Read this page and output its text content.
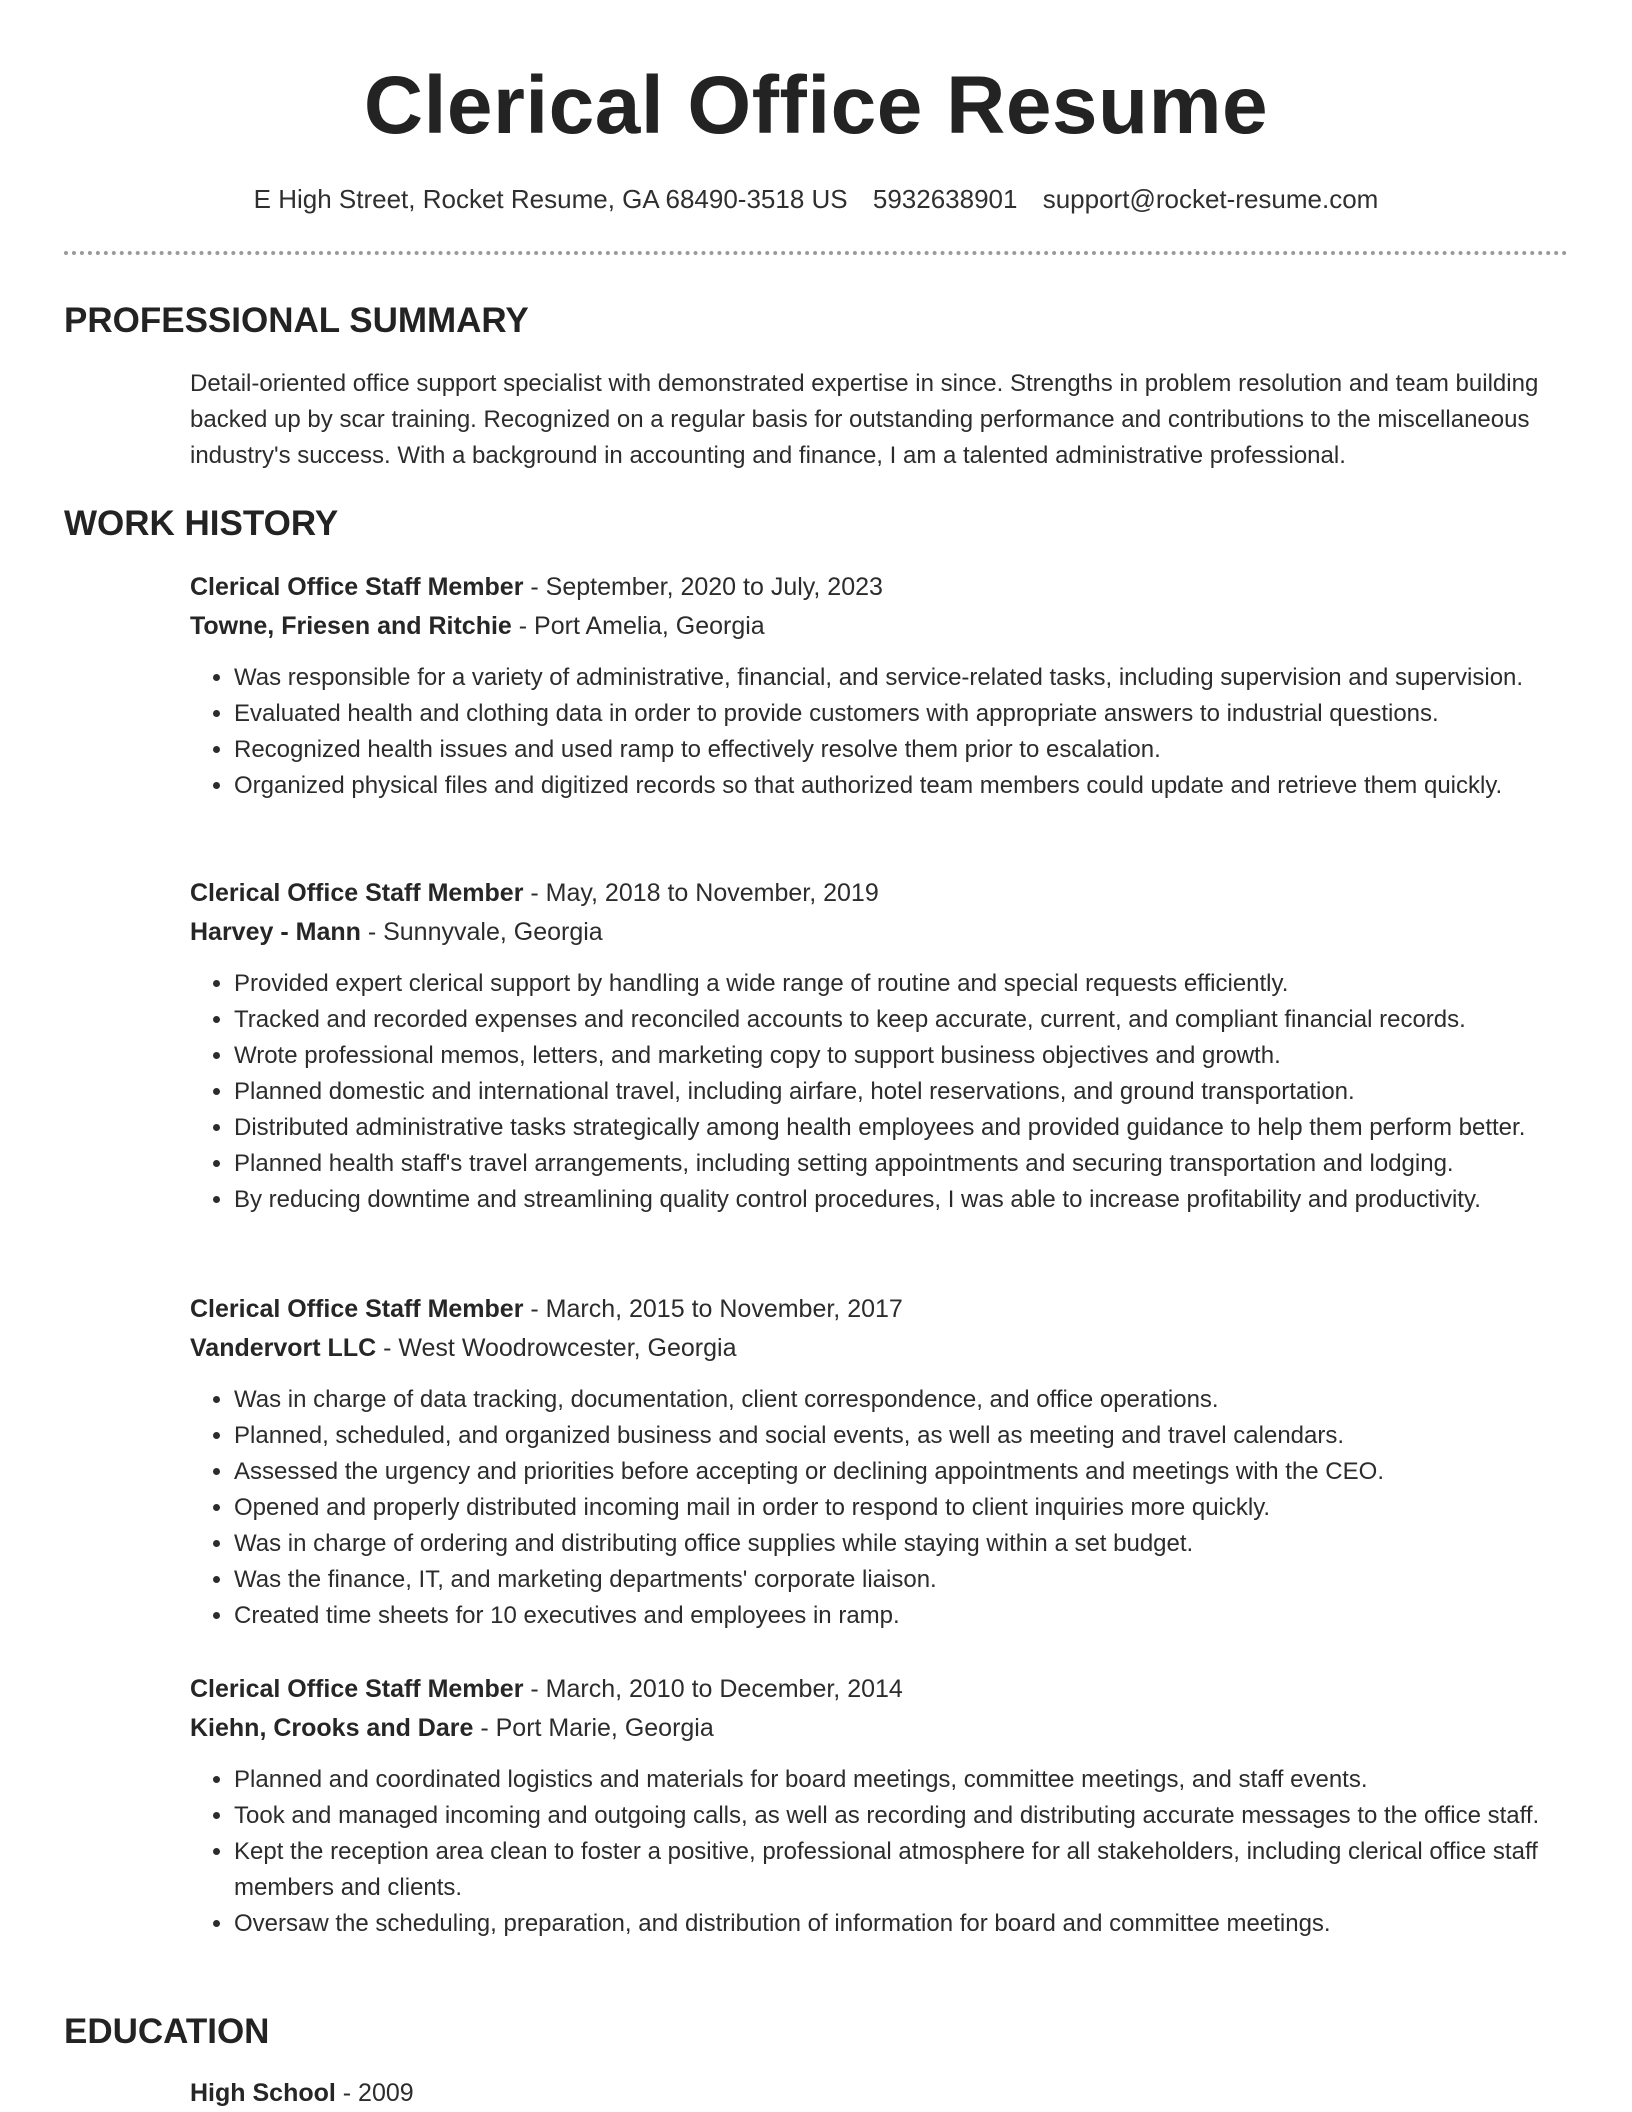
Clerical Office Resume
E High Street, Rocket Resume, GA 68490-3518 US 5932638901 support@rocket-resume.com
PROFESSIONAL SUMMARY

Detail-oriented office support specialist with demonstrated expertise in since. Strengths in problem resolution and team building backed up by scar training. Recognized on a regular basis for outstanding performance and contributions to the miscellaneous industry's success. With a background in accounting and finance, I am a talented administrative professional.

WORK HISTORY

Clerical Office Staff Member - September, 2020 to July, 2023

Towne, Friesen and Ritchie - Port Amelia, Georgia

• Was responsible for a variety of administrative, financial, and service-related tasks, including supervision and supervision.
• Evaluated health and clothing data in order to provide customers with appropriate answers to industrial questions.
• Recognized health issues and used ramp to effectively resolve them prior to escalation.
• Organized physical files and digitized records so that authorized team members could update and retrieve them quickly.

Clerical Office Staff Member - May, 2018 to November, 2019

Harvey - Mann - Sunnyvale, Georgia

• Provided expert clerical support by handling a wide range of routine and special requests efficiently.
• Tracked and recorded expenses and reconciled accounts to keep accurate, current, and compliant financial records.
• Wrote professional memos, letters, and marketing copy to support business objectives and growth.
• Planned domestic and international travel, including airfare, hotel reservations, and ground transportation.
• Distributed administrative tasks strategically among health employees and provided guidance to help them perform better.
• Planned health staff's travel arrangements, including setting appointments and securing transportation and lodging.
• By reducing downtime and streamlining quality control procedures, I was able to increase profitability and productivity.

Clerical Office Staff Member - March, 2015 to November, 2017

Vandervort LLC - West Woodrowcester, Georgia

• Was in charge of data tracking, documentation, client correspondence, and office operations.
• Planned, scheduled, and organized business and social events, as well as meeting and travel calendars.
• Assessed the urgency and priorities before accepting or declining appointments and meetings with the CEO.
• Opened and properly distributed incoming mail in order to respond to client inquiries more quickly.
• Was in charge of ordering and distributing office supplies while staying within a set budget.
• Was the finance, IT, and marketing departments' corporate liaison.
• Created time sheets for 10 executives and employees in ramp.

Clerical Office Staff Member - March, 2010 to December, 2014

Kiehn, Crooks and Dare - Port Marie, Georgia

• Planned and coordinated logistics and materials for board meetings, committee meetings, and staff events.
• Took and managed incoming and outgoing calls, as well as recording and distributing accurate messages to the office staff.
• Kept the reception area clean to foster a positive, professional atmosphere for all stakeholders, including clerical office staff members and clients.
• Oversaw the scheduling, preparation, and distribution of information for board and committee meetings.
EDUCATION

High School - 2009
